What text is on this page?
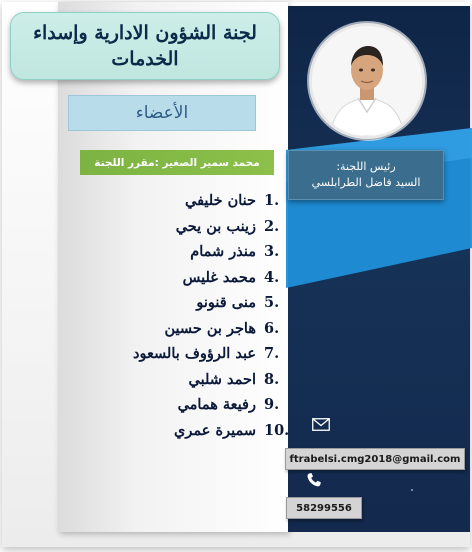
لجنة الشؤون الادارية وإسداء الخدمات
الأعضاء
محمد سمير الصغير :مقرر اللجنة
حنان خليفي 1.
زينب بن يحي 2.
منذر شمام 3.
محمد غليس 4.
منى قنونو 5.
هاجر بن حسين 6.
عبد الرؤوف بالسعود 7.
احمد شلبي 8.
رفيعة همامي 9.
سميرة عمري 10.
رئيس اللجنة:
السيد فاضل الطرابلسي
ftrabelsi.cmg2018@gmail.com
58299556
